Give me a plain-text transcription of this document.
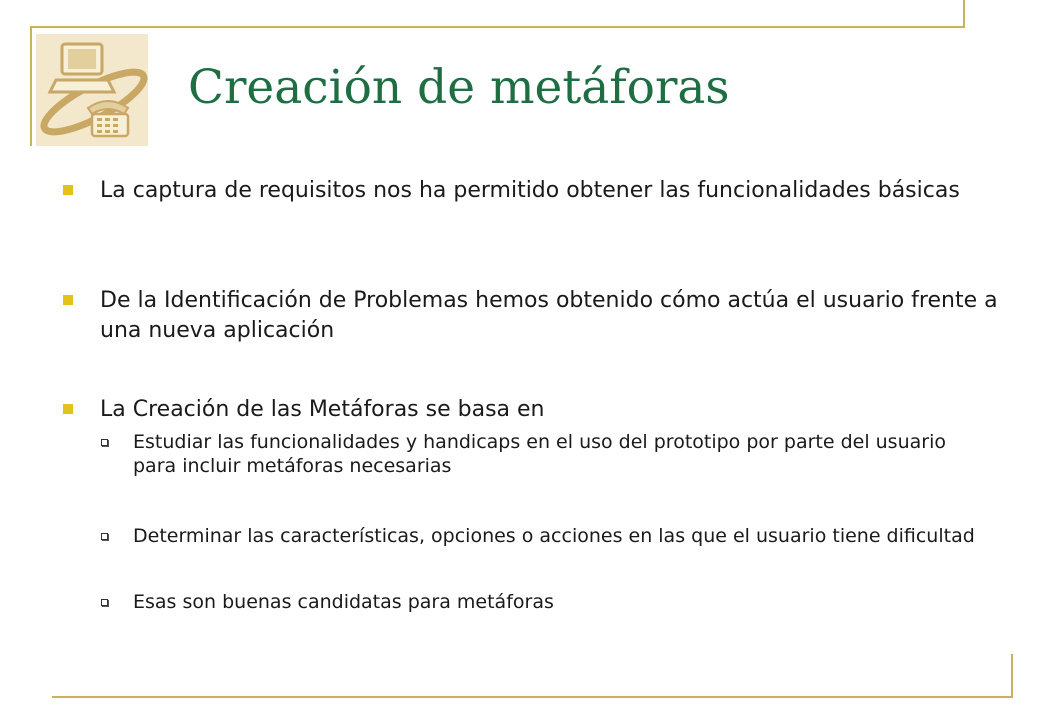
Creación de metáforas
La captura de requisitos nos ha permitido obtener las funcionalidades básicas
De la Identificación de Problemas hemos obtenido cómo actúa el usuario frente a una nueva aplicación
La Creación de las Metáforas se basa en
Estudiar las funcionalidades y handicaps en el uso del prototipo por parte del usuario para incluir metáforas necesarias
Determinar las características, opciones o acciones en las que el usuario tiene dificultad
Esas son buenas candidatas para metáforas
